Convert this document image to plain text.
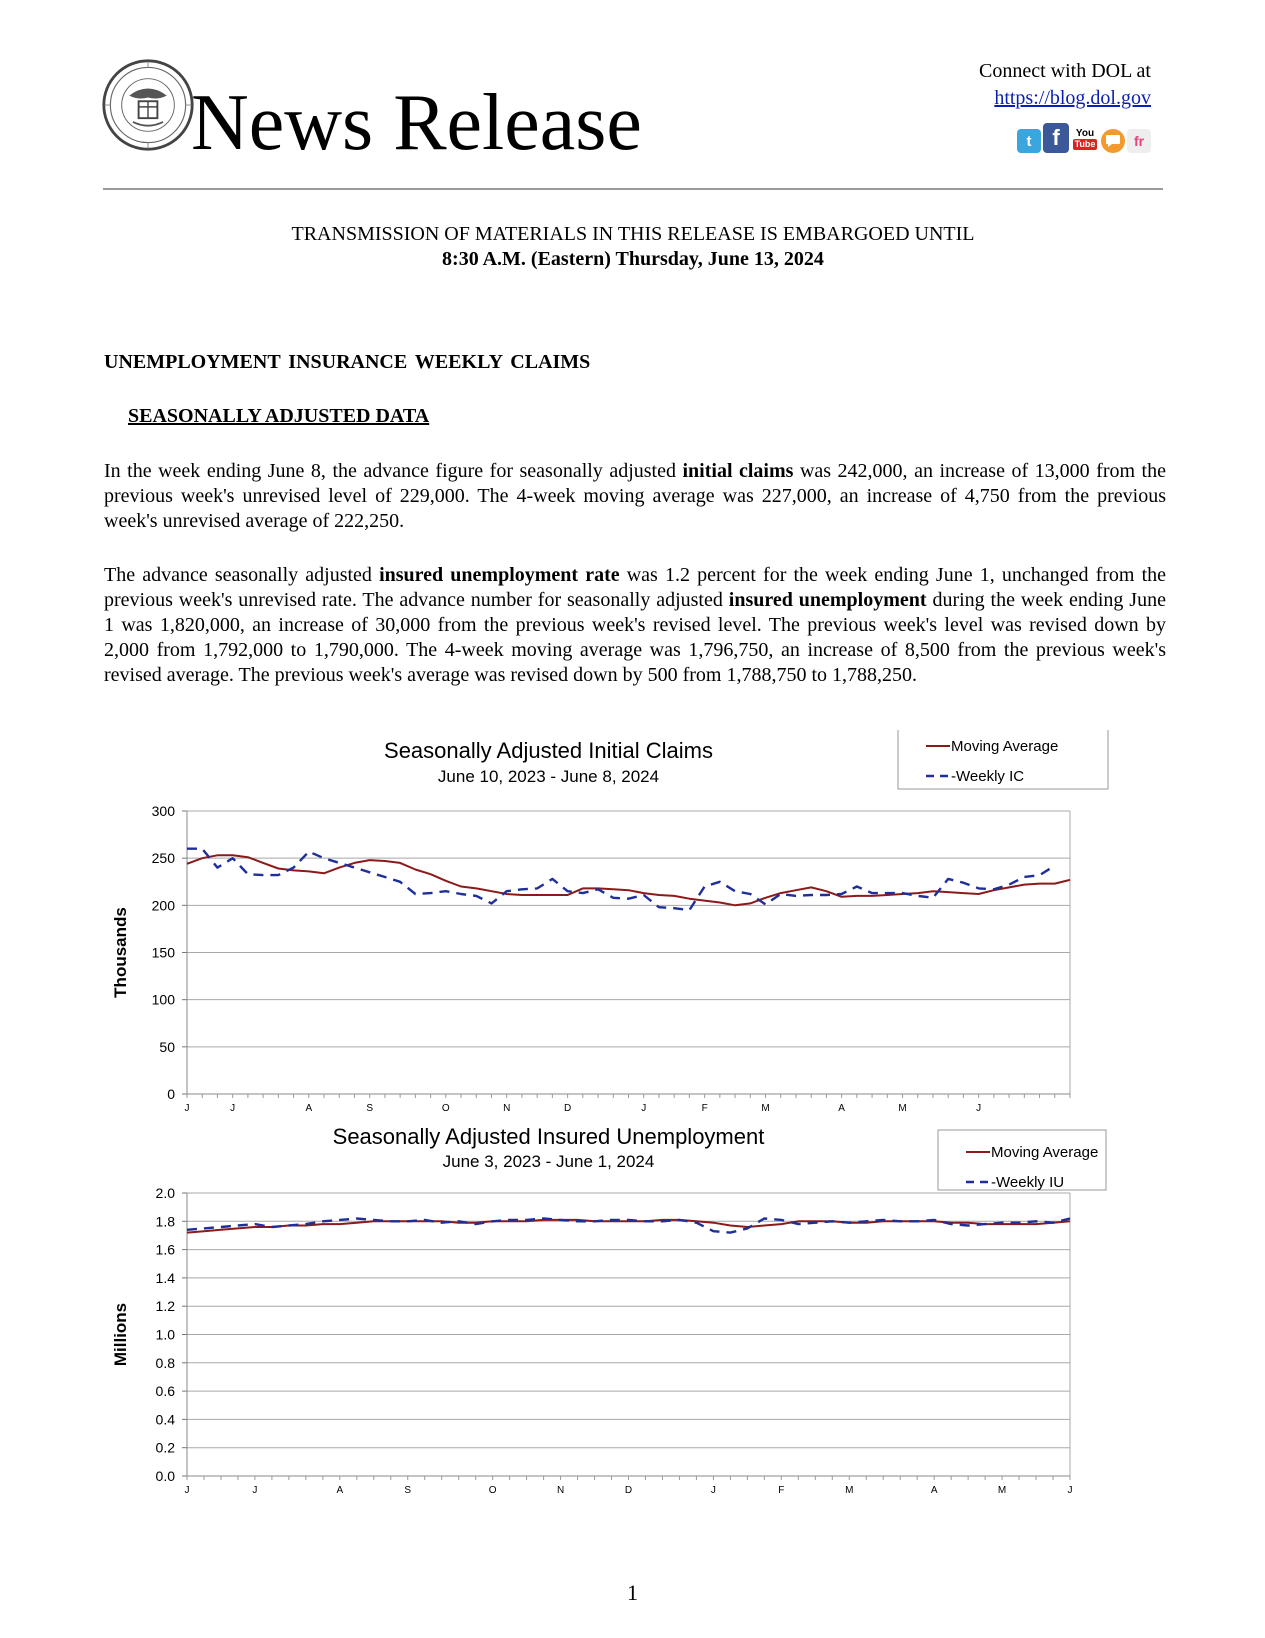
News Release
Connect with DOL at
https://blog.dol.gov
t f You
Tube	fr
TRANSMISSION OF MATERIALS IN THIS RELEASE IS EMBARGOED UNTIL
8:30 A.M. (Eastern) Thursday, June 13, 2024
UNEMPLOYMENT INSURANCE WEEKLY CLAIMS
SEASONALLY ADJUSTED DATA
In the week ending June 8, the advance figure for seasonally adjusted initial claims was 242,000, an increase of 13,000 from the previous week's unrevised level of 229,000. The 4-week moving average was 227,000, an increase of 4,750 from the previous week's unrevised average of 222,250.
The advance seasonally adjusted insured unemployment rate was 1.2 percent for the week ending June 1, unchanged from the previous week's unrevised rate. The advance number for seasonally adjusted insured unemployment during the week ending June 1 was 1,820,000, an increase of 30,000 from the previous week's revised level. The previous week's level was revised down by 2,000 from 1,792,000 to 1,790,000. The 4-week moving average was 1,796,750, an increase of 8,500 from the previous week's revised average. The previous week's average was revised down by 500 from 1,788,750 to 1,788,250.
Seasonally Adjusted Initial Claims
June 10, 2023 - June 8, 2024
0
50
100
150
200
250
300
J	J	A	S	O	N	D	J	F	M	A	M	J
Thousands
Moving Average
-Weekly IC
Seasonally Adjusted Insured Unemployment
June 3, 2023 - June 1, 2024
0.0
0.2
0.4
0.6
0.8
1.0
1.2
1.4
1.6
1.8
2.0
J	J	A	S	O	N	D	J	F	M	A	M	J
Millions
Moving Average
-Weekly IU
1
